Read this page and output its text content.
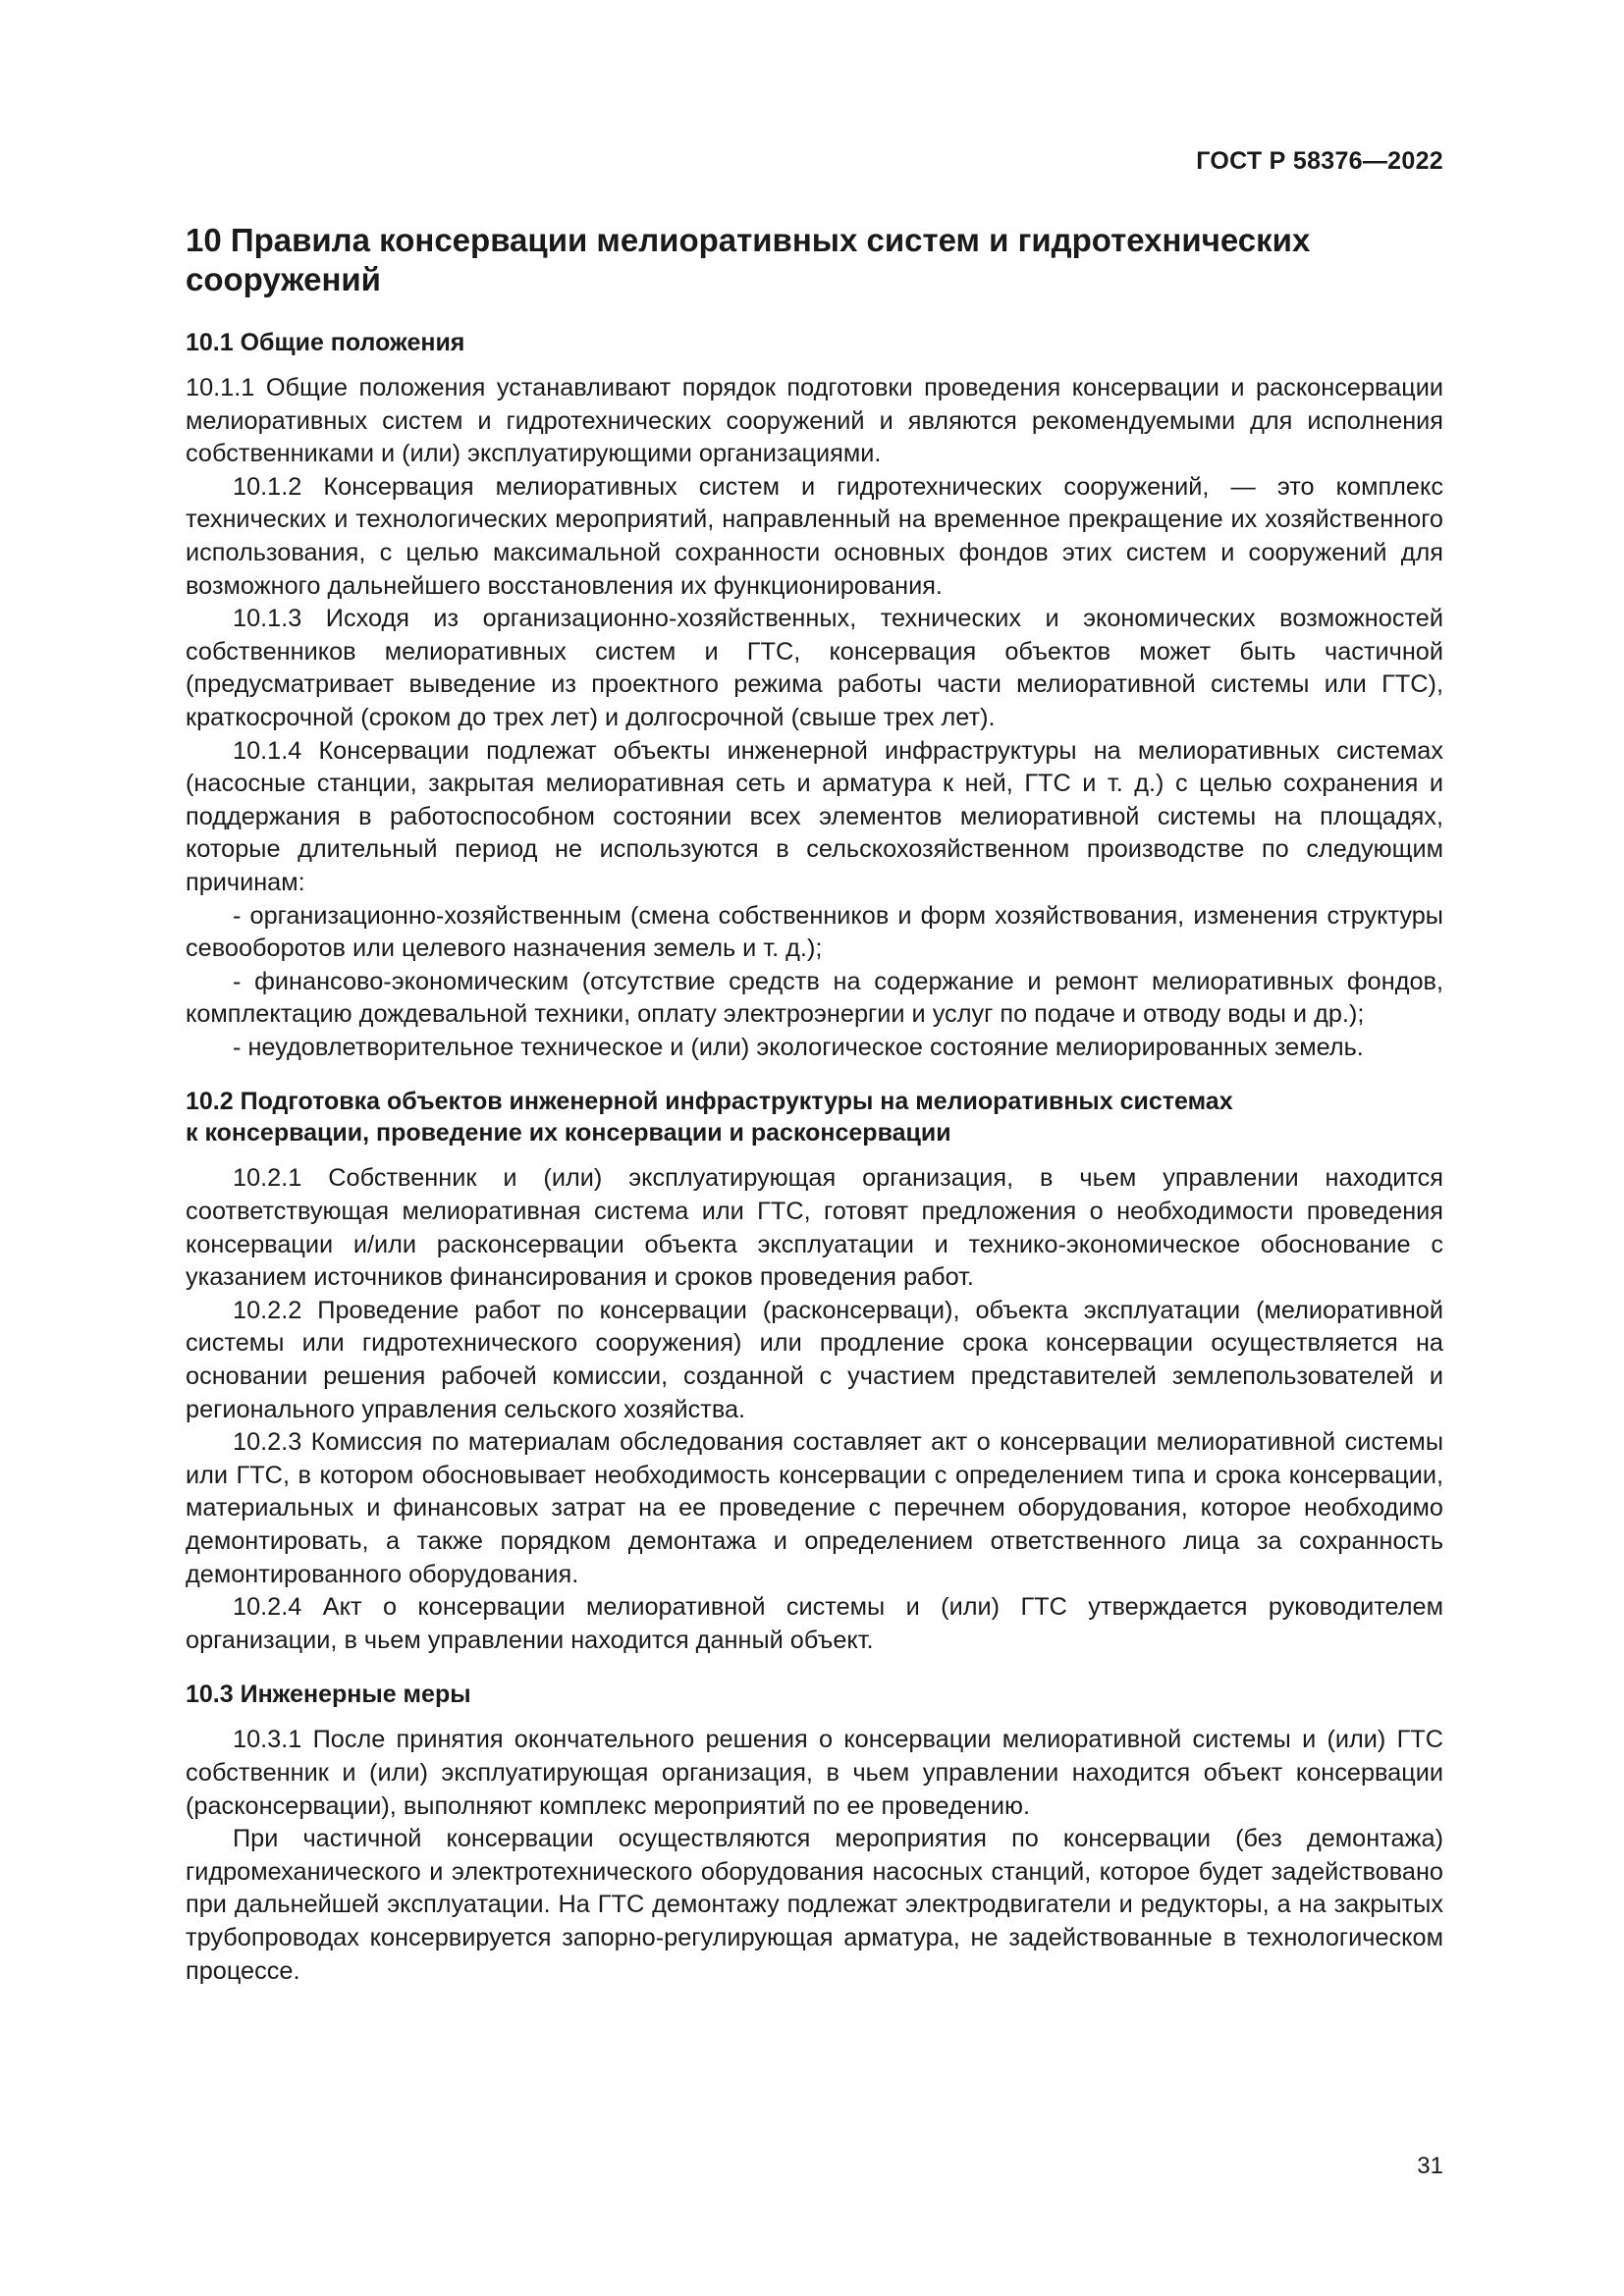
ГОСТ Р 58376—2022
10 Правила консервации мелиоративных систем и гидротехнических
сооружений
10.1 Общие положения

10.1.1 Общие положения устанавливают порядок подготовки проведения консервации и расконсервации мелиоративных систем и гидротехнических сооружений и являются рекомендуемыми для исполнения собственниками и (или) эксплуатирующими организациями.

10.1.2 Консервация мелиоративных систем и гидротехнических сооружений, — это комплекс технических и технологических мероприятий, направленный на временное прекращение их хозяйственного использования, с целью максимальной сохранности основных фондов этих систем и сооружений для возможного дальнейшего восстановления их функционирования.

10.1.3 Исходя из организационно-хозяйственных, технических и экономических возможностей собственников мелиоративных систем и ГТС, консервация объектов может быть частичной (предусматривает выведение из проектного режима работы части мелиоративной системы или ГТС), краткосрочной (сроком до трех лет) и долгосрочной (свыше трех лет).

10.1.4 Консервации подлежат объекты инженерной инфраструктуры на мелиоративных системах (насосные станции, закрытая мелиоративная сеть и арматура к ней, ГТС и т. д.) с целью сохранения и поддержания в работоспособном состоянии всех элементов мелиоративной системы на площадях, которые длительный период не используются в сельскохозяйственном производстве по следующим причинам:

- организационно-хозяйственным (смена собственников и форм хозяйствования, изменения структуры севооборотов или целевого назначения земель и т. д.);

- финансово-экономическим (отсутствие средств на содержание и ремонт мелиоративных фондов, комплектацию дождевальной техники, оплату электроэнергии и услуг по подаче и отводу воды и др.);

- неудовлетворительное техническое и (или) экологическое состояние мелиорированных земель.

10.2 Подготовка объектов инженерной инфраструктуры на мелиоративных системах
к консервации, проведение их консервации и расконсервации

10.2.1 Собственник и (или) эксплуатирующая организация, в чьем управлении находится соответствующая мелиоративная система или ГТС, готовят предложения о необходимости проведения консервации и/или расконсервации объекта эксплуатации и технико-экономическое обоснование с указанием источников финансирования и сроков проведения работ.

10.2.2 Проведение работ по консервации (расконсерваци), объекта эксплуатации (мелиоративной системы или гидротехнического сооружения) или продление срока консервации осуществляется на основании решения рабочей комиссии, созданной с участием представителей землепользователей и регионального управления сельского хозяйства.

10.2.3 Комиссия по материалам обследования составляет акт о консервации мелиоративной системы или ГТС, в котором обосновывает необходимость консервации с определением типа и срока консервации, материальных и финансовых затрат на ее проведение с перечнем оборудования, которое необходимо демонтировать, а также порядком демонтажа и определением ответственного лица за сохранность демонтированного оборудования.

10.2.4 Акт о консервации мелиоративной системы и (или) ГТС утверждается руководителем организации, в чьем управлении находится данный объект.

10.3 Инженерные меры

10.3.1 После принятия окончательного решения о консервации мелиоративной системы и (или) ГТС собственник и (или) эксплуатирующая организация, в чьем управлении находится объект консервации (расконсервации), выполняют комплекс мероприятий по ее проведению.

При частичной консервации осуществляются мероприятия по консервации (без демонтажа) гидромеханического и электротехнического оборудования насосных станций, которое будет задействовано при дальнейшей эксплуатации. На ГТС демонтажу подлежат электродвигатели и редукторы, а на закрытых трубопроводах консервируется запорно-регулирующая арматура, не задействованные в технологическом процессе.

31
